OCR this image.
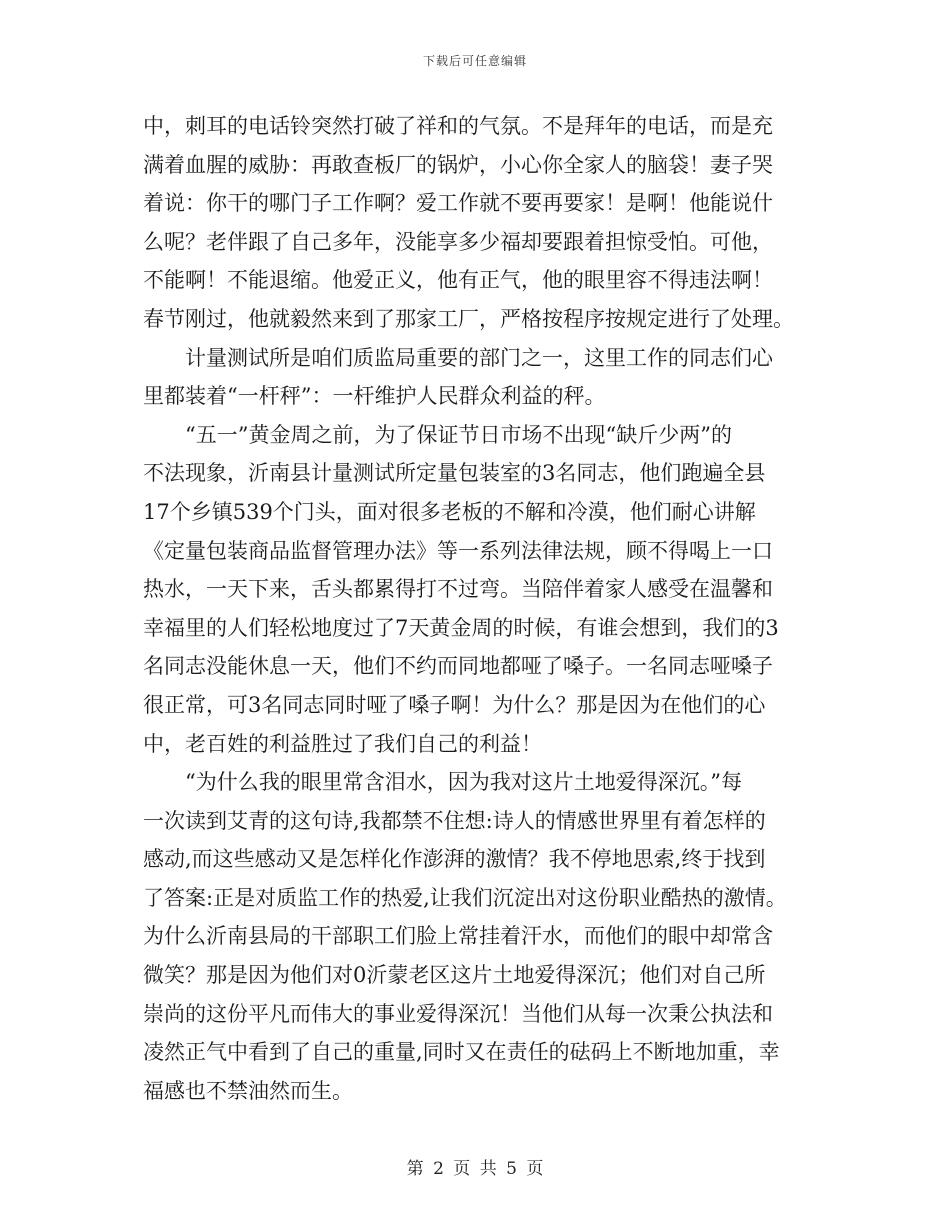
下载后可任意编辑
中，刺耳的电话铃突然打破了祥和的气氛。不是拜年的电话，而是充
满着血腥的威胁：再敢查板厂的锅炉，小心你全家人的脑袋！妻子哭
着说：你干的哪门子工作啊？爱工作就不要再要家！是啊！他能说什
么呢？老伴跟了自己多年，没能享多少福却要跟着担惊受怕。可他，
不能啊！不能退缩。他爱正义，他有正气，他的眼里容不得违法啊！
春节刚过，他就毅然来到了那家工厂，严格按程序按规定进行了处理。
计量测试所是咱们质监局重要的部门之一，这里工作的同志们心
里都装着“一杆秤”：一杆维护人民群众利益的秤。
“五一”黄金周之前，为了保证节日市场不出现“缺斤少两”的
不法现象，沂南县计量测试所定量包装室的3名同志，他们跑遍全县
17个乡镇539个门头，面对很多老板的不解和冷漠，他们耐心讲解
《定量包装商品监督管理办法》等一系列法律法规，顾不得喝上一口
热水，一天下来，舌头都累得打不过弯。当陪伴着家人感受在温馨和
幸福里的人们轻松地度过了7天黄金周的时候，有谁会想到，我们的3
名同志没能休息一天，他们不约而同地都哑了嗓子。一名同志哑嗓子
很正常，可3名同志同时哑了嗓子啊！为什么？那是因为在他们的心
中，老百姓的利益胜过了我们自己的利益！
“为什么我的眼里常含泪水，因为我对这片土地爱得深沉。”每
一次读到艾青的这句诗,我都禁不住想:诗人的情感世界里有着怎样的
感动,而这些感动又是怎样化作澎湃的激情？我不停地思索,终于找到
了答案:正是对质监工作的热爱,让我们沉淀出对这份职业酷热的激情。
为什么沂南县局的干部职工们脸上常挂着汗水，而他们的眼中却常含
微笑？那是因为他们对0沂蒙老区这片土地爱得深沉；他们对自己所
崇尚的这份平凡而伟大的事业爱得深沉！当他们从每一次秉公执法和
凌然正气中看到了自己的重量,同时又在责任的砝码上不断地加重，幸
福感也不禁油然而生。
第 2 页 共 5 页
